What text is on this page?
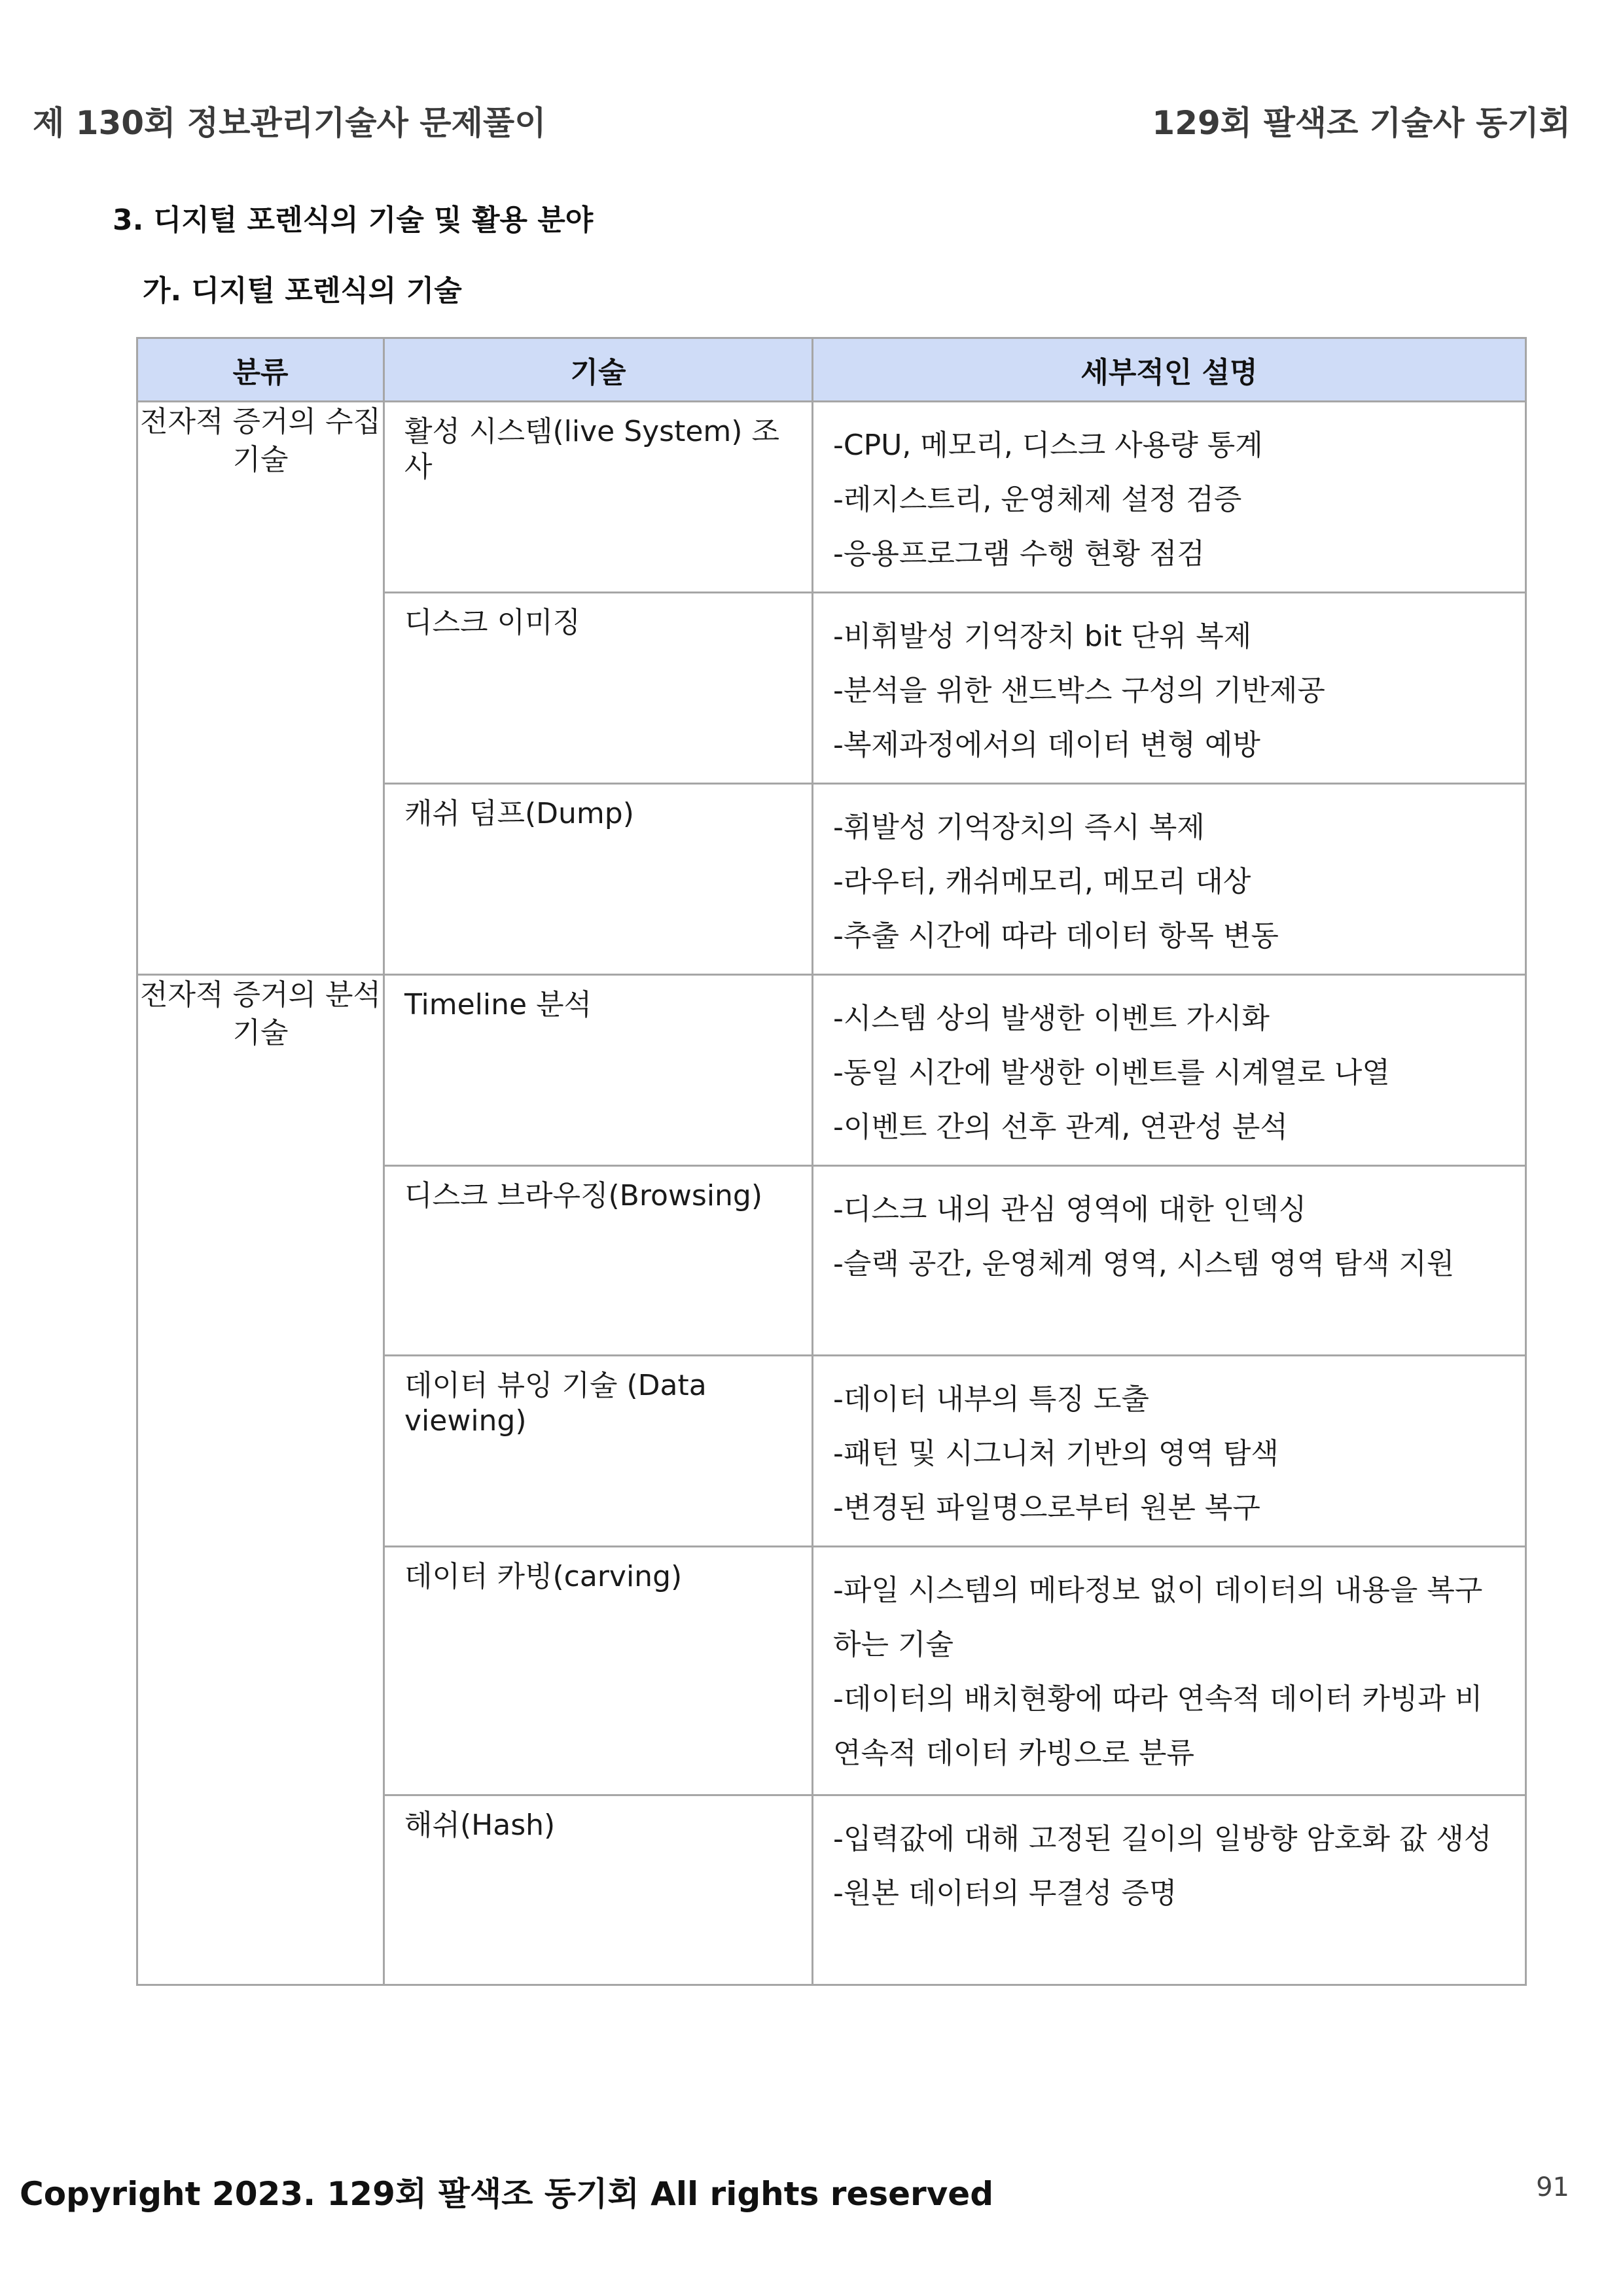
제 130회 정보관리기술사 문제풀이	129회 팔색조 기술사 동기회
3. 디지털 포렌식의 기술 및 활용 분야
가. 디지털 포렌식의 기술
분류	기술	세부적인 설명
전자적 증거의 수집 기술	활성 시스템(live System) 조사	-CPU, 메모리, 디스크 사용량 통계
-레지스트리, 운영체제 설정 검증
-응용프로그램 수행 현황 점검

	디스크 이미징	-비휘발성 기억장치 bit 단위 복제
-분석을 위한 샌드박스 구성의 기반제공
-복제과정에서의 데이터 변형 예방

	캐쉬 덤프(Dump)	-휘발성 기억장치의 즉시 복제
-라우터, 캐쉬메모리, 메모리 대상
-추출 시간에 따라 데이터 항목 변동

전자적 증거의 분석기술	Timeline 분석	-시스템 상의 발생한 이벤트 가시화
-동일 시간에 발생한 이벤트를 시계열로 나열
-이벤트 간의 선후 관계, 연관성 분석

	디스크 브라우징(Browsing)	-디스크 내의 관심 영역에 대한 인덱싱
-슬랙 공간, 운영체계 영역, 시스템 영역 탐색 지원

	데이터 뷰잉 기술 (Data viewing)	-데이터 내부의 특징 도출
-패턴 및 시그니처 기반의 영역 탐색
-변경된 파일명으로부터 원본 복구

	데이터 카빙(carving)	-파일 시스템의 메타정보 없이 데이터의 내용을 복구하는 기술
-데이터의 배치현황에 따라 연속적 데이터 카빙과 비연속적 데이터 카빙으로 분류

	해쉬(Hash)	-입력값에 대해 고정된 길이의 일방향 암호화 값 생성
-원본 데이터의 무결성 증명
Copyright 2023. 129회 팔색조 동기회 All rights reserved	91
